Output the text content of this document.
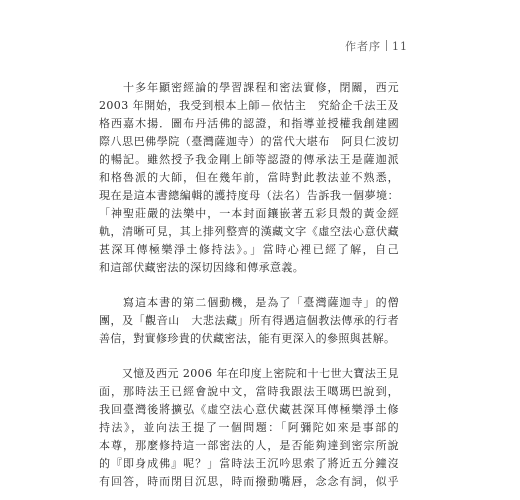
作者序 11
　　十多年顯密經論的學習課程和密法實修，閉關，西元
2003 年開始，我受到根本上師－依怙主　究給企千法王及
格西嘉木揚．圖布丹活佛的認證，和指導並授權我創建國
際八思巴佛學院（臺灣薩迦寺）的當代大堪布　阿貝仁波切
的暢記。雖然授予我金剛上師等認證的傳承法王是薩迦派
和格魯派的大師，但在幾年前，當時對此教法並不熟悉，
現在是這本書總編輯的護持度母（法名）告訴我一個夢境：
「神聖莊嚴的法樂中，一本封面鑲嵌著五彩貝殼的黃金經
軌，清晰可見，其上排列整齊的漢藏文字《虛空法心意伏藏
甚深耳傳極樂淨土修持法》。」當時心裡已經了解，自己
和這部伏藏密法的深切因緣和傳承意義。
　　寫這本書的第二個動機，是為了「臺灣薩迦寺」的僧
團，及「觀音山　大悲法藏」所有得遇這個教法傳承的行者
善信，對實修珍貴的伏藏密法，能有更深入的參照與甚解。
　　又憶及西元 2006 年在印度上密院和十七世大寶法王見
面，那時法王已經會說中文，當時我跟法王噶瑪巴說到，
我回臺灣後將擴弘《虛空法心意伏藏甚深耳傳極樂淨土修
持法》，並向法王提了一個問題：「阿彌陀如來是事部的
本尊，那麼修持這一部密法的人，是否能夠達到密宗所說
的『即身成佛』呢？」當時法王沉吟思索了將近五分鐘沒
有回答，時而閉目沉思，時而撥動嘴唇，念念有詞，似乎
